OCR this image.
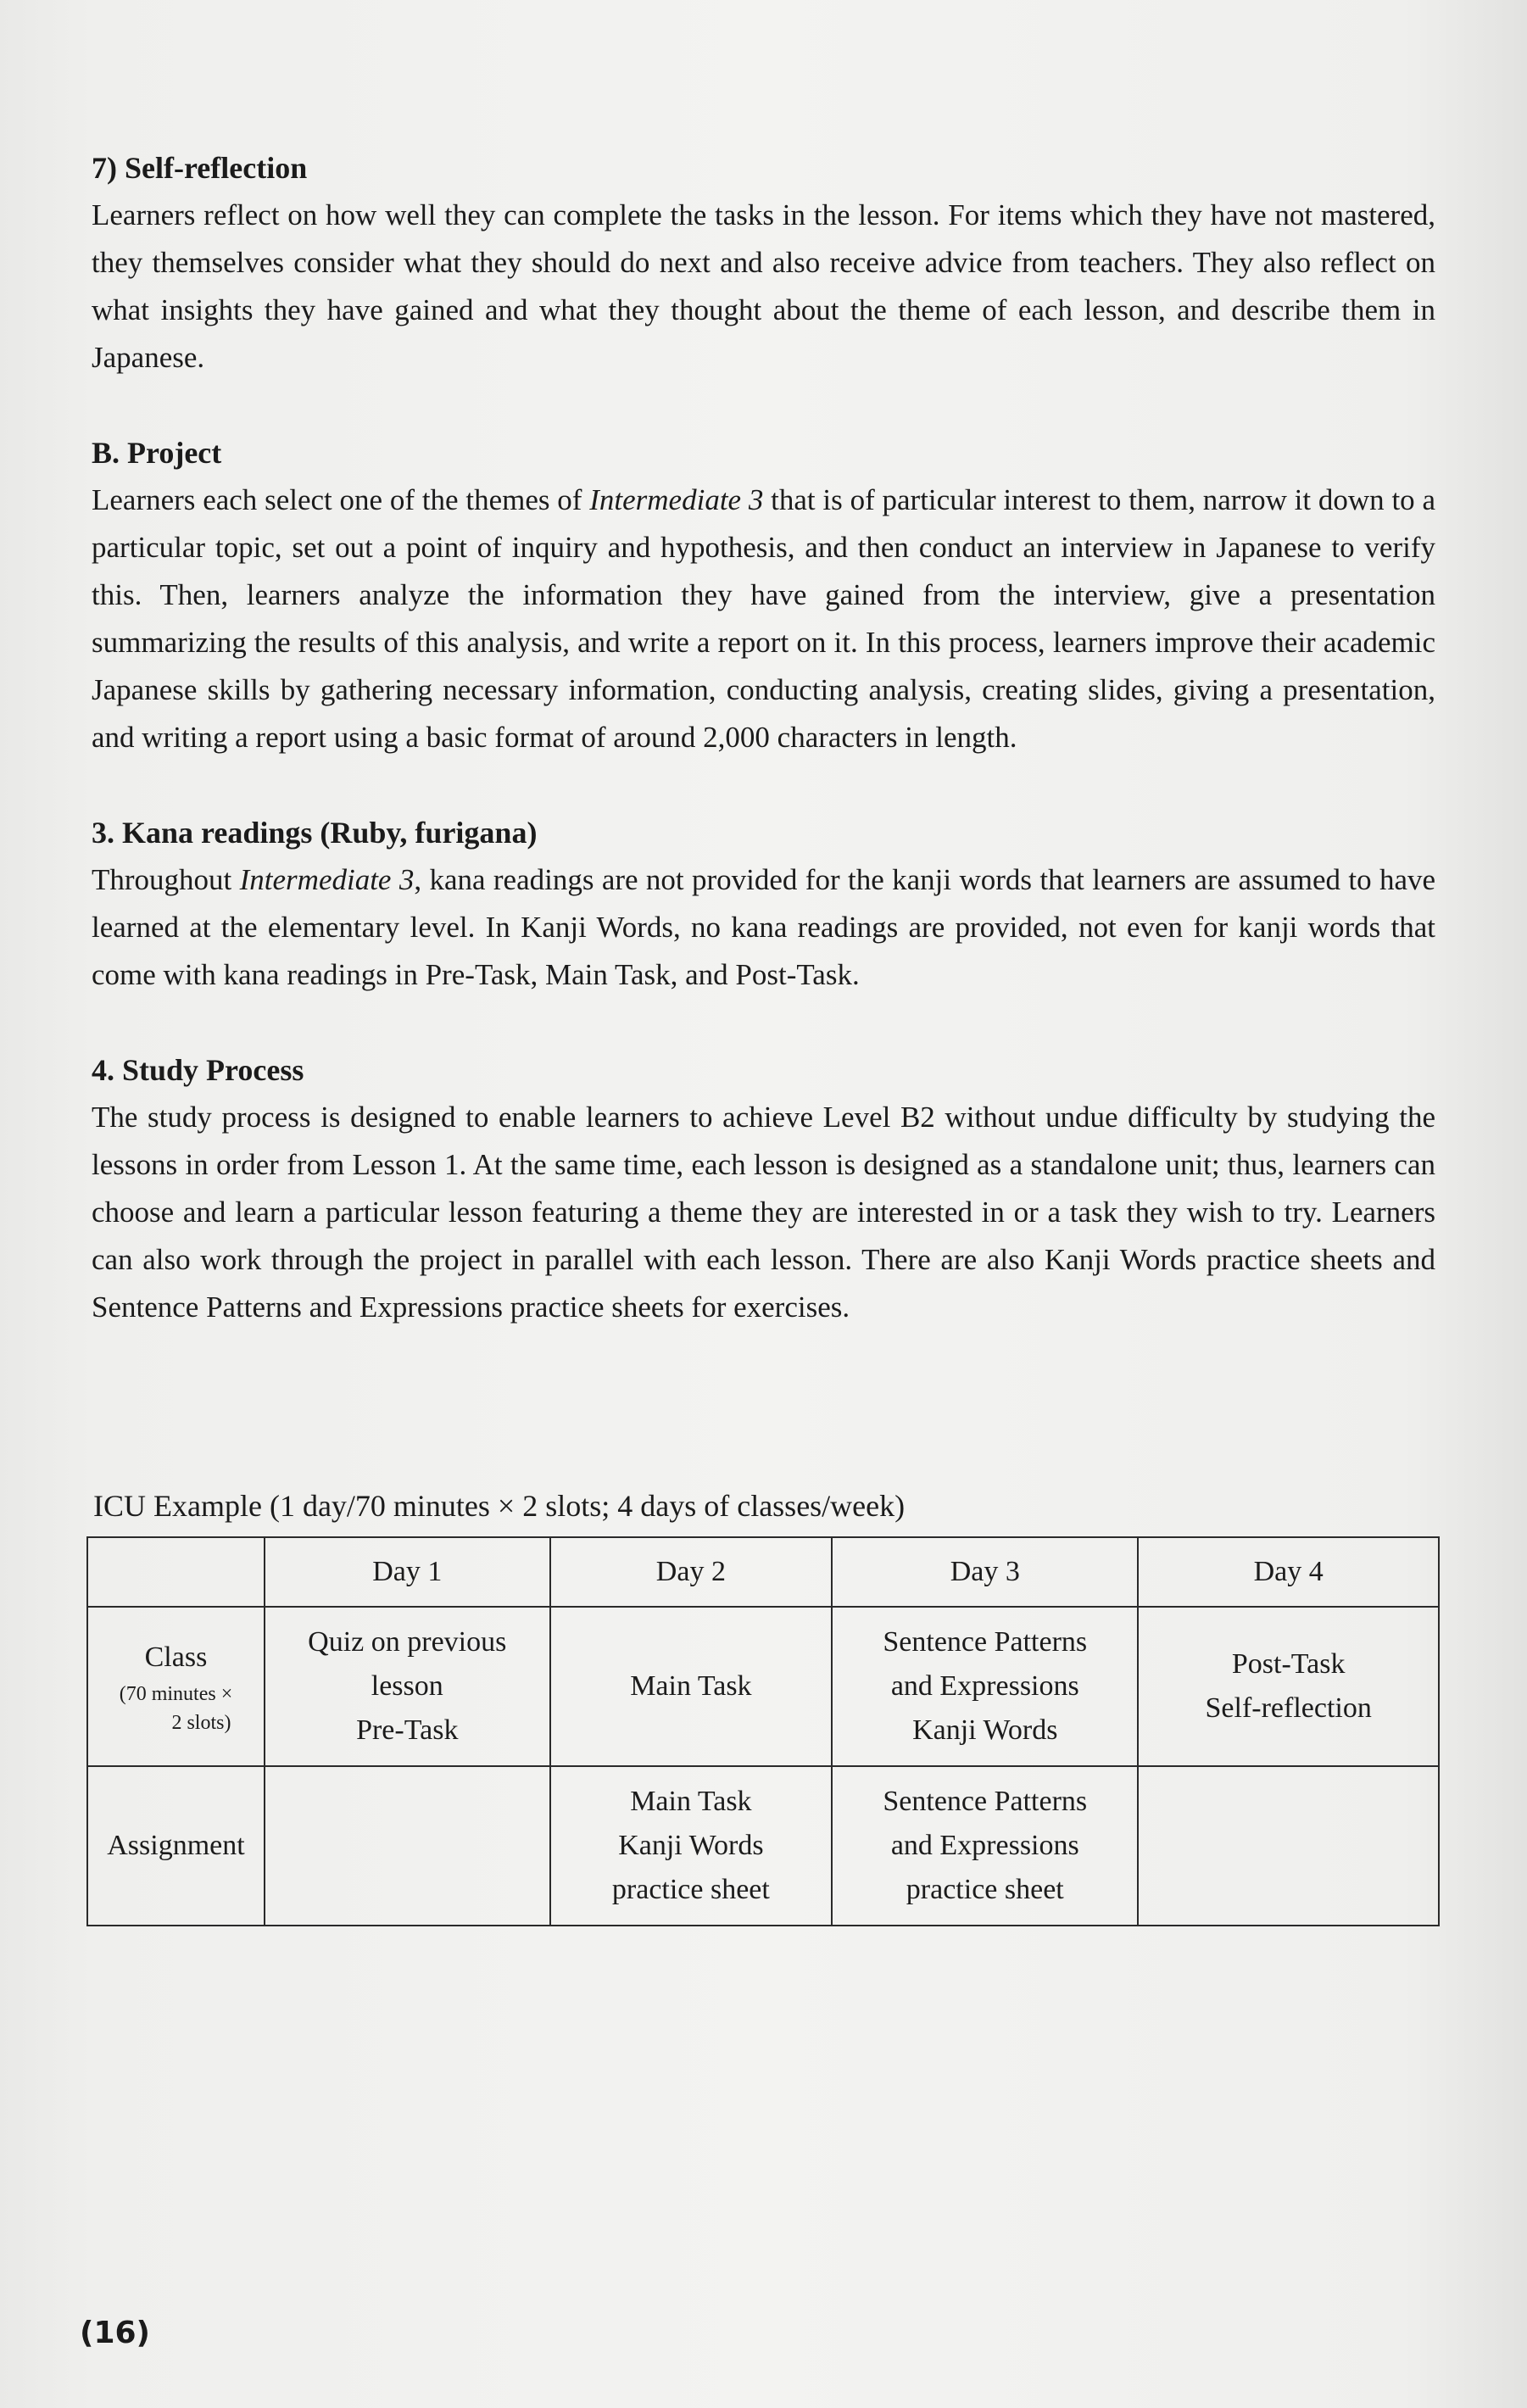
7) Self-reflection
Learners reflect on how well they can complete the tasks in the lesson. For items which they have not mastered, they themselves consider what they should do next and also receive advice from teachers. They also reflect on what insights they have gained and what they thought about the theme of each lesson, and describe them in Japanese.
B. Project
Learners each select one of the themes of Intermediate 3 that is of particular interest to them, narrow it down to a particular topic, set out a point of inquiry and hypothesis, and then conduct an interview in Japanese to verify this. Then, learners analyze the information they have gained from the interview, give a presentation summarizing the results of this analysis, and write a report on it. In this process, learners improve their academic Japanese skills by gathering necessary information, conducting analysis, creating slides, giving a presentation, and writing a report using a basic format of around 2,000 characters in length.
3. Kana readings (Ruby, furigana)
Throughout Intermediate 3, kana readings are not provided for the kanji words that learners are assumed to have learned at the elementary level. In Kanji Words, no kana readings are provided, not even for kanji words that come with kana readings in Pre-Task, Main Task, and Post-Task.
4. Study Process
The study process is designed to enable learners to achieve Level B2 without undue difficulty by studying the lessons in order from Lesson 1. At the same time, each lesson is designed as a standalone unit; thus, learners can choose and learn a particular lesson featuring a theme they are interested in or a task they wish to try. Learners can also work through the project in parallel with each lesson. There are also Kanji Words practice sheets and Sentence Patterns and Expressions practice sheets for exercises.
ICU Example (1 day/70 minutes × 2 slots; 4 days of classes/week)
	Day 1	Day 2	Day 3	Day 4

Class
(70 minutes ×
2 slots)	Quiz on previous
lesson
Pre-Task	Main Task	Sentence Patterns
and Expressions
Kanji Words	Post-Task
Self-reflection

Assignment		Main Task
Kanji Words
practice sheet	Sentence Patterns
and Expressions
practice sheet	

(16)
